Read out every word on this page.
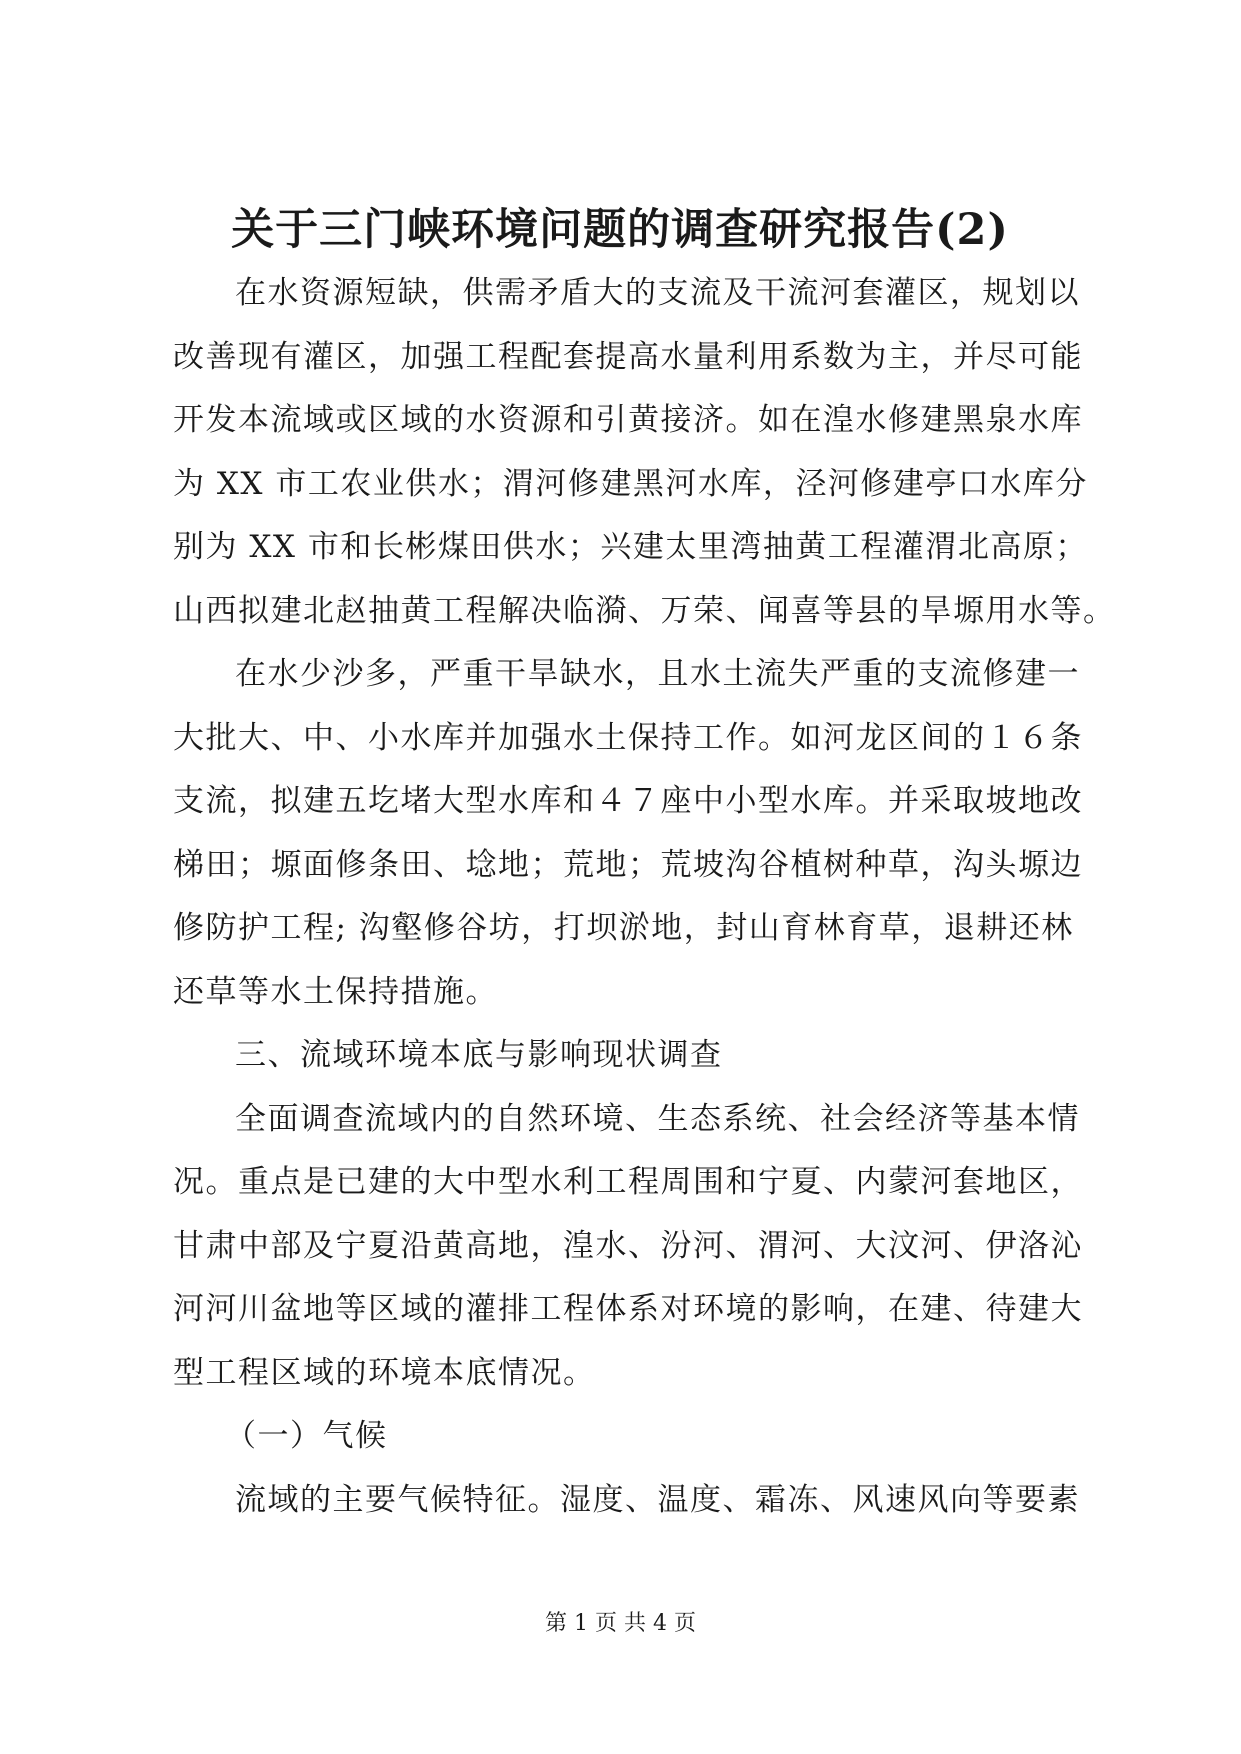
关于三门峡环境问题的调查研究报告(2)
在水资源短缺，供需矛盾大的支流及干流河套灌区，规划以
改善现有灌区，加强工程配套提高水量利用系数为主，并尽可能
开发本流域或区域的水资源和引黄接济。如在湟水修建黑泉水库
为 XX 市工农业供水；渭河修建黑河水库，泾河修建亭口水库分
别为 XX 市和长彬煤田供水；兴建太里湾抽黄工程灌渭北高原；
山西拟建北赵抽黄工程解决临漪、万荣、闻喜等县的旱塬用水等。
在水少沙多，严重干旱缺水，且水土流失严重的支流修建一
大批大、中、小水库并加强水土保持工作。如河龙区间的１６条
支流，拟建五圪堵大型水库和４７座中小型水库。并采取坡地改
梯田；塬面修条田、埝地；荒地；荒坡沟谷植树种草，沟头塬边
修防护工程; 沟壑修谷坊，打坝淤地，封山育林育草，退耕还林
还草等水土保持措施。
三、流域环境本底与影响现状调查
全面调查流域内的自然环境、生态系统、社会经济等基本情
况。重点是已建的大中型水利工程周围和宁夏、内蒙河套地区，
甘肃中部及宁夏沿黄高地，湟水、汾河、渭河、大汶河、伊洛沁
河河川盆地等区域的灌排工程体系对环境的影响，在建、待建大
型工程区域的环境本底情况。
（一）气候
流域的主要气候特征。湿度、温度、霜冻、风速风向等要素
第 1 页 共 4 页
